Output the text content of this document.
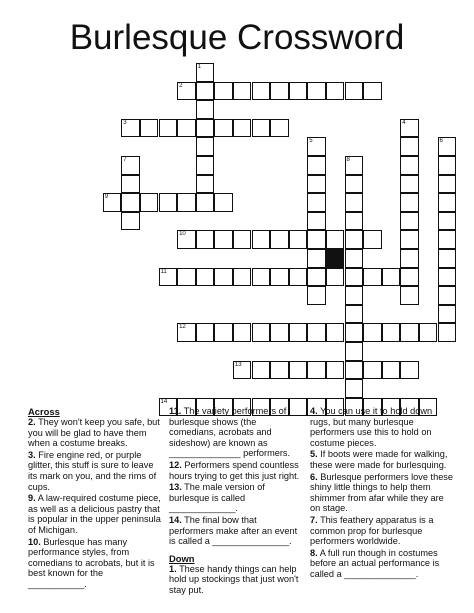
Burlesque Crossword
1
2
3	4
5	6
7	8
9
10
11
12
13
14
Across
2. They won't keep you safe, but you will be glad to have them when a costume breaks.
3. Fire engine red, or purple glitter, this stuff is sure to leave its mark on you, and the rims of cups.
9. A law-required costume piece, as well as a delicious pastry that is popular in the upper peninsula of Michigan.
10. Burlesque has many performance styles, from comedians to acrobats, but it is best known for the ___________.
11. The variety performers of burlesque shows (the comedians, acrobats and sideshow) are known as ______________ performers.
12. Performers spend countless hours trying to get this just right.
13. The male version of burlesque is called _____________.
14. The final bow that performers make after an event is called a _______________.
Down
1. These handy things can help hold up stockings that just won't stay put.
4. You can use it to hold down rugs, but many burlesque performers use this to hold on costume pieces.
5. If boots were made for walking, these were made for burlesquing.
6. Burlesque performers love these shiny little things to help them shimmer from afar while they are on stage.
7. This feathery apparatus is a common prop for burlesque performers worldwide.
8. A full run though in costumes before an actual performance is called a ______________.
